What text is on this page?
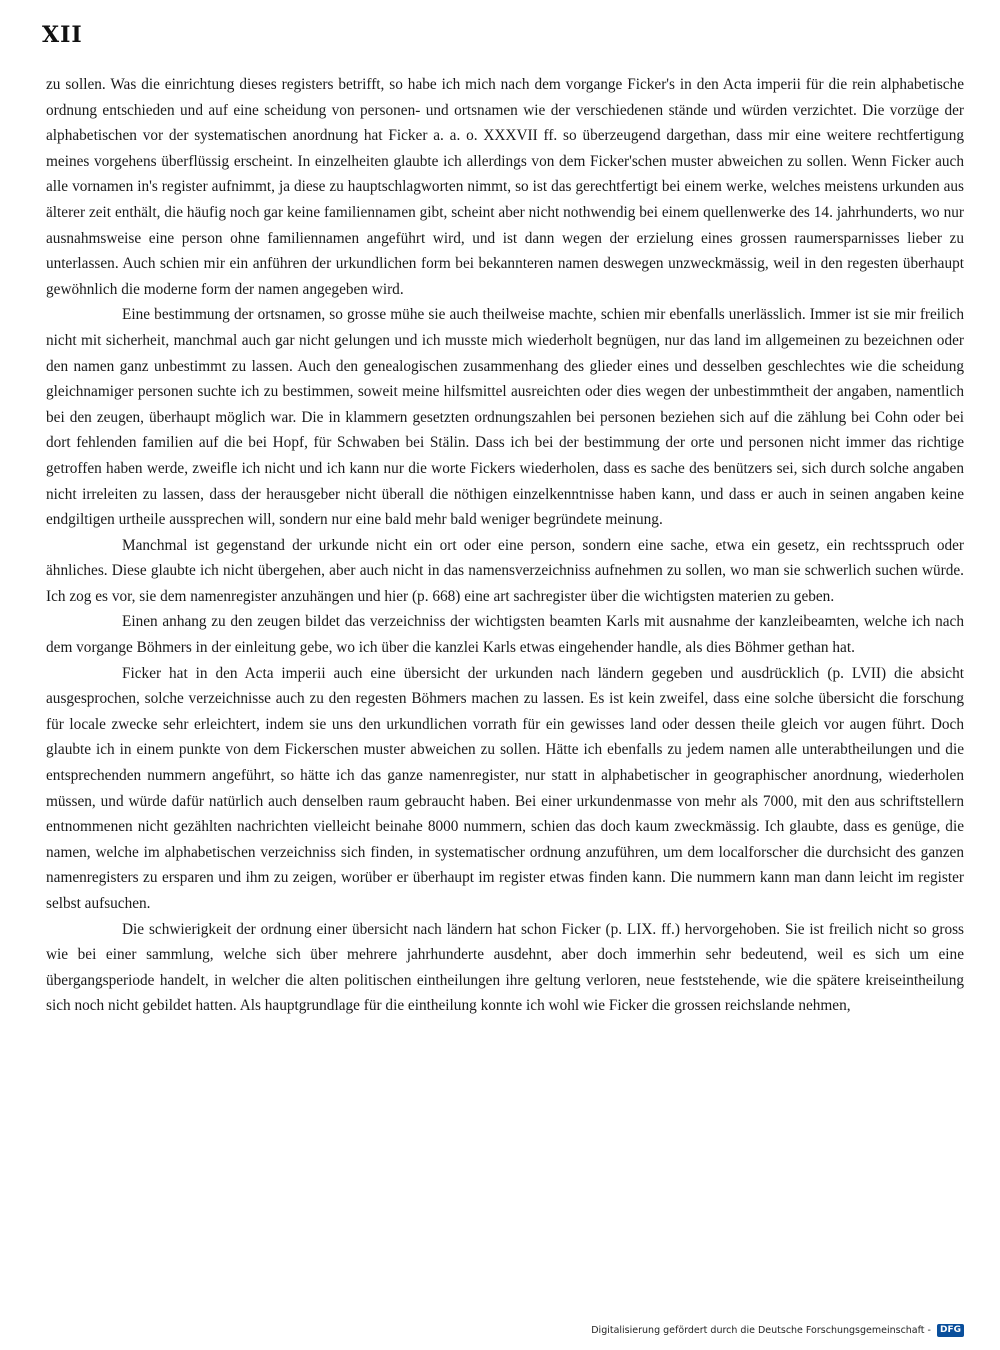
XII

zu sollen. Was die einrichtung dieses registers betrifft, so habe ich mich nach dem vorgange Ficker's in den Acta imperii für die rein alphabetische ordnung entschieden und auf eine scheidung von personen- und ortsnamen wie der verschiedenen stände und würden verzichtet. Die vorzüge der alphabetischen vor der systematischen anordnung hat Ficker a. a. o. XXXVII ff. so überzeugend dargethan, dass mir eine weitere rechtfertigung meines vorgehens überflüssig erscheint. In einzelheiten glaubte ich allerdings von dem Ficker'schen muster abweichen zu sollen. Wenn Ficker auch alle vornamen in's register aufnimmt, ja diese zu hauptschlagworten nimmt, so ist das gerechtfertigt bei einem werke, welches meistens urkunden aus älterer zeit enthält, die häufig noch gar keine familiennamen gibt, scheint aber nicht nothwendig bei einem quellenwerke des 14. jahrhunderts, wo nur ausnahmsweise eine person ohne familiennamen angeführt wird, und ist dann wegen der erzielung eines grossen raumersparnisses lieber zu unterlassen. Auch schien mir ein anführen der urkundlichen form bei bekannteren namen deswegen unzweckmässig, weil in den regesten überhaupt gewöhnlich die moderne form der namen angegeben wird.

Eine bestimmung der ortsnamen, so grosse mühe sie auch theilweise machte, schien mir ebenfalls unerlässlich. Immer ist sie mir freilich nicht mit sicherheit, manchmal auch gar nicht gelungen und ich musste mich wiederholt begnügen, nur das land im allgemeinen zu bezeichnen oder den namen ganz unbestimmt zu lassen. Auch den genealogischen zusammenhang des glieder eines und desselben geschlechtes wie die scheidung gleichnamiger personen suchte ich zu bestimmen, soweit meine hilfsmittel ausreichten oder dies wegen der unbestimmtheit der angaben, namentlich bei den zeugen, überhaupt möglich war. Die in klammern gesetzten ordnungszahlen bei personen beziehen sich auf die zählung bei Cohn oder bei dort fehlenden familien auf die bei Hopf, für Schwaben bei Stälin. Dass ich bei der bestimmung der orte und personen nicht immer das richtige getroffen haben werde, zweifle ich nicht und ich kann nur die worte Fickers wiederholen, dass es sache des benützers sei, sich durch solche angaben nicht irreleiten zu lassen, dass der herausgeber nicht überall die nöthigen einzelkenntnisse haben kann, und dass er auch in seinen angaben keine endgiltigen urtheile aussprechen will, sondern nur eine bald mehr bald weniger begründete meinung.

Manchmal ist gegenstand der urkunde nicht ein ort oder eine person, sondern eine sache, etwa ein gesetz, ein rechtsspruch oder ähnliches. Diese glaubte ich nicht übergehen, aber auch nicht in das namensverzeichniss aufnehmen zu sollen, wo man sie schwerlich suchen würde. Ich zog es vor, sie dem namenregister anzuhängen und hier (p. 668) eine art sachregister über die wichtigsten materien zu geben.

Einen anhang zu den zeugen bildet das verzeichniss der wichtigsten beamten Karls mit ausnahme der kanzleibeamten, welche ich nach dem vorgange Böhmers in der einleitung gebe, wo ich über die kanzlei Karls etwas eingehender handle, als dies Böhmer gethan hat.

Ficker hat in den Acta imperii auch eine übersicht der urkunden nach ländern gegeben und ausdrücklich (p. LVII) die absicht ausgesprochen, solche verzeichnisse auch zu den regesten Böhmers machen zu lassen. Es ist kein zweifel, dass eine solche übersicht die forschung für locale zwecke sehr erleichtert, indem sie uns den urkundlichen vorrath für ein gewisses land oder dessen theile gleich vor augen führt. Doch glaubte ich in einem punkte von dem Fickerschen muster abweichen zu sollen. Hätte ich ebenfalls zu jedem namen alle unterabtheilungen und die entsprechenden nummern angeführt, so hätte ich das ganze namenregister, nur statt in alphabetischer in geographischer anordnung, wiederholen müssen, und würde dafür natürlich auch denselben raum gebraucht haben. Bei einer urkundenmasse von mehr als 7000, mit den aus schriftstellern entnommenen nicht gezählten nachrichten vielleicht beinahe 8000 nummern, schien das doch kaum zweckmässig. Ich glaubte, dass es genüge, die namen, welche im alphabetischen verzeichniss sich finden, in systematischer ordnung anzuführen, um dem localforscher die durchsicht des ganzen namenregisters zu ersparen und ihm zu zeigen, worüber er überhaupt im register etwas finden kann. Die nummern kann man dann leicht im register selbst aufsuchen.

Die schwierigkeit der ordnung einer übersicht nach ländern hat schon Ficker (p. LIX. ff.) hervorgehoben. Sie ist freilich nicht so gross wie bei einer sammlung, welche sich über mehrere jahrhunderte ausdehnt, aber doch immerhin sehr bedeutend, weil es sich um eine übergangsperiode handelt, in welcher die alten politischen eintheilungen ihre geltung verloren, neue feststehende, wie die spätere kreiseintheilung sich noch nicht gebildet hatten. Als hauptgrundlage für die eintheilung konnte ich wohl wie Ficker die grossen reichslande nehmen,

Digitalisierung gefördert durch die Deutsche Forschungsgemeinschaft -	DFG
